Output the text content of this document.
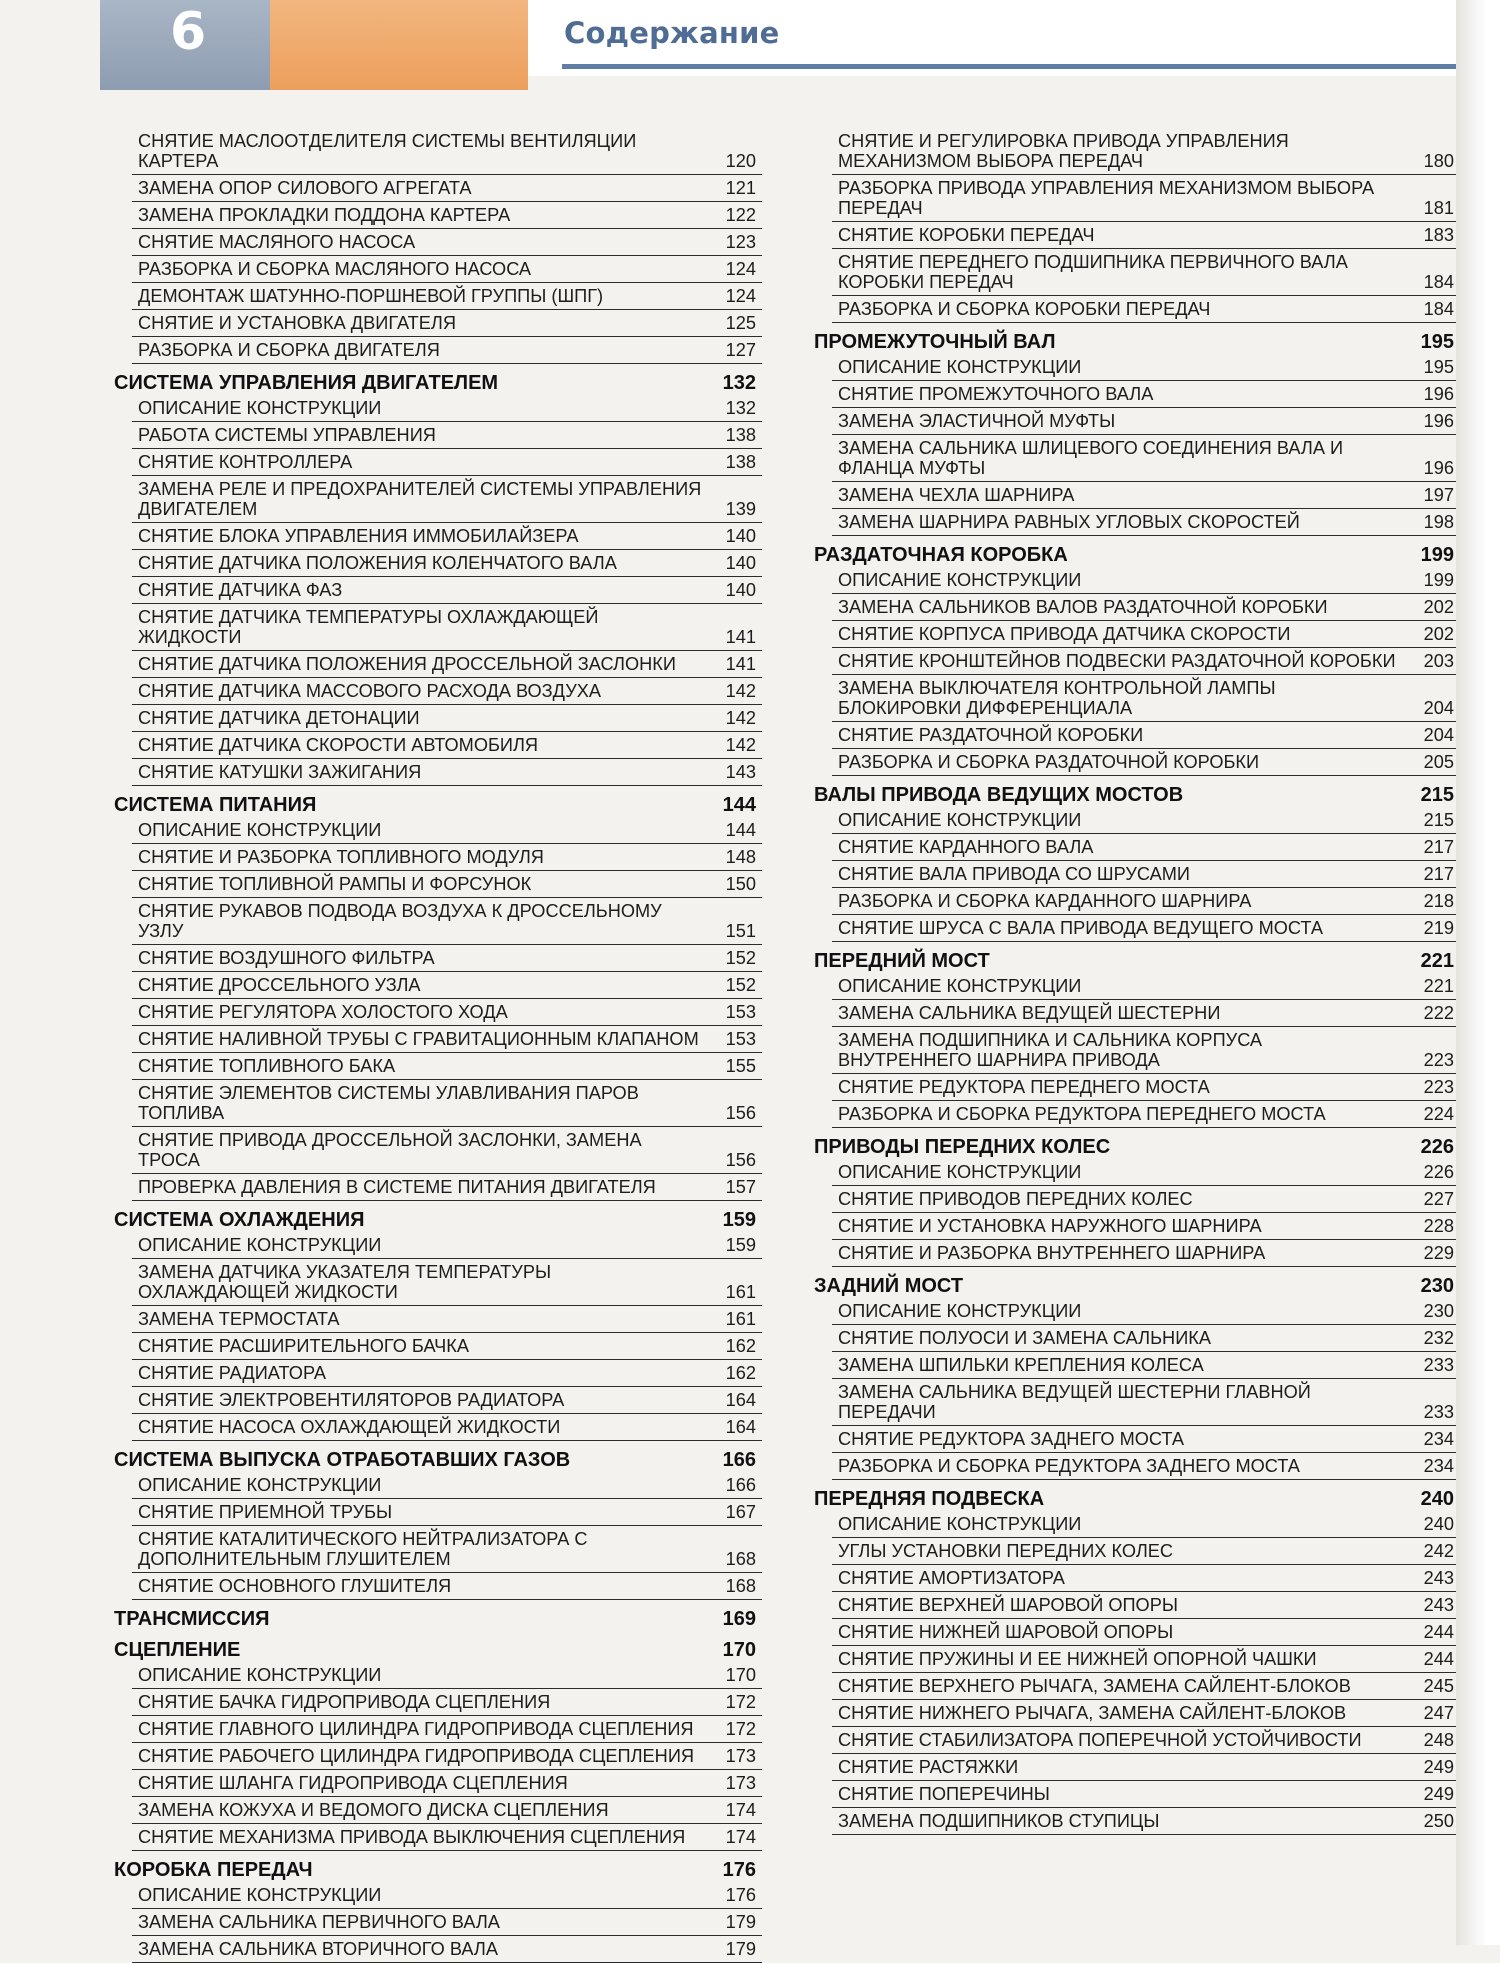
6	Содержание
СНЯТИЕ МАСЛООТДЕЛИТЕЛЯ СИСТЕМЫ ВЕНТИЛЯЦИИ КАРТЕРА	120
ЗАМЕНА ОПОР СИЛОВОГО АГРЕГАТА	121
ЗАМЕНА ПРОКЛАДКИ ПОДДОНА КАРТЕРА	122
СНЯТИЕ МАСЛЯНОГО НАСОСА	123
РАЗБОРКА И СБОРКА МАСЛЯНОГО НАСОСА	124
ДЕМОНТАЖ ШАТУННО-ПОРШНЕВОЙ ГРУППЫ (ШПГ)	124
СНЯТИЕ И УСТАНОВКА ДВИГАТЕЛЯ	125
РАЗБОРКА И СБОРКА ДВИГАТЕЛЯ	127
СИСТЕМА УПРАВЛЕНИЯ ДВИГАТЕЛЕМ	132
ОПИСАНИЕ КОНСТРУКЦИИ	132
РАБОТА СИСТЕМЫ УПРАВЛЕНИЯ	138
СНЯТИЕ КОНТРОЛЛЕРА	138
ЗАМЕНА РЕЛЕ И ПРЕДОХРАНИТЕЛЕЙ СИСТЕМЫ УПРАВЛЕНИЯ ДВИГАТЕЛЕМ	139
СНЯТИЕ БЛОКА УПРАВЛЕНИЯ ИММОБИЛАЙЗЕРА	140
СНЯТИЕ ДАТЧИКА ПОЛОЖЕНИЯ КОЛЕНЧАТОГО ВАЛА	140
СНЯТИЕ ДАТЧИКА ФАЗ	140
СНЯТИЕ ДАТЧИКА ТЕМПЕРАТУРЫ ОХЛАЖДАЮЩЕЙ ЖИДКОСТИ	141
СНЯТИЕ ДАТЧИКА ПОЛОЖЕНИЯ ДРОССЕЛЬНОЙ ЗАСЛОНКИ	141
СНЯТИЕ ДАТЧИКА МАССОВОГО РАСХОДА ВОЗДУХА	142
СНЯТИЕ ДАТЧИКА ДЕТОНАЦИИ	142
СНЯТИЕ ДАТЧИКА СКОРОСТИ АВТОМОБИЛЯ	142
СНЯТИЕ КАТУШКИ ЗАЖИГАНИЯ	143
СИСТЕМА ПИТАНИЯ	144
ОПИСАНИЕ КОНСТРУКЦИИ	144
СНЯТИЕ И РАЗБОРКА ТОПЛИВНОГО МОДУЛЯ	148
СНЯТИЕ ТОПЛИВНОЙ РАМПЫ И ФОРСУНОК	150
СНЯТИЕ РУКАВОВ ПОДВОДА ВОЗДУХА К ДРОССЕЛЬНОМУ УЗЛУ	151
СНЯТИЕ ВОЗДУШНОГО ФИЛЬТРА	152
СНЯТИЕ ДРОССЕЛЬНОГО УЗЛА	152
СНЯТИЕ РЕГУЛЯТОРА ХОЛОСТОГО ХОДА	153
СНЯТИЕ НАЛИВНОЙ ТРУБЫ С ГРАВИТАЦИОННЫМ КЛАПАНОМ	153
СНЯТИЕ ТОПЛИВНОГО БАКА	155
СНЯТИЕ ЭЛЕМЕНТОВ СИСТЕМЫ УЛАВЛИВАНИЯ ПАРОВ ТОПЛИВА	156
СНЯТИЕ ПРИВОДА ДРОССЕЛЬНОЙ ЗАСЛОНКИ, ЗАМЕНА ТРОСА	156
ПРОВЕРКА ДАВЛЕНИЯ В СИСТЕМЕ ПИТАНИЯ ДВИГАТЕЛЯ	157
СИСТЕМА ОХЛАЖДЕНИЯ	159
ОПИСАНИЕ КОНСТРУКЦИИ	159
ЗАМЕНА ДАТЧИКА УКАЗАТЕЛЯ ТЕМПЕРАТУРЫ ОХЛАЖДАЮЩЕЙ ЖИДКОСТИ	161
ЗАМЕНА ТЕРМОСТАТА	161
СНЯТИЕ РАСШИРИТЕЛЬНОГО БАЧКА	162
СНЯТИЕ РАДИАТОРА	162
СНЯТИЕ ЭЛЕКТРОВЕНТИЛЯТОРОВ РАДИАТОРА	164
СНЯТИЕ НАСОСА ОХЛАЖДАЮЩЕЙ ЖИДКОСТИ	164
СИСТЕМА ВЫПУСКА ОТРАБОТАВШИХ ГАЗОВ	166
ОПИСАНИЕ КОНСТРУКЦИИ	166
СНЯТИЕ ПРИЕМНОЙ ТРУБЫ	167
СНЯТИЕ КАТАЛИТИЧЕСКОГО НЕЙТРАЛИЗАТОРА С ДОПОЛНИТЕЛЬНЫМ ГЛУШИТЕЛЕМ	168
СНЯТИЕ ОСНОВНОГО ГЛУШИТЕЛЯ	168
ТРАНСМИССИЯ	169
СЦЕПЛЕНИЕ	170
ОПИСАНИЕ КОНСТРУКЦИИ	170
СНЯТИЕ БАЧКА ГИДРОПРИВОДА СЦЕПЛЕНИЯ	172
СНЯТИЕ ГЛАВНОГО ЦИЛИНДРА ГИДРОПРИВОДА СЦЕПЛЕНИЯ	172
СНЯТИЕ РАБОЧЕГО ЦИЛИНДРА ГИДРОПРИВОДА СЦЕПЛЕНИЯ	173
СНЯТИЕ ШЛАНГА ГИДРОПРИВОДА СЦЕПЛЕНИЯ	173
ЗАМЕНА КОЖУХА И ВЕДОМОГО ДИСКА СЦЕПЛЕНИЯ	174
СНЯТИЕ МЕХАНИЗМА ПРИВОДА ВЫКЛЮЧЕНИЯ СЦЕПЛЕНИЯ	174
КОРОБКА ПЕРЕДАЧ	176
ОПИСАНИЕ КОНСТРУКЦИИ	176
ЗАМЕНА САЛЬНИКА ПЕРВИЧНОГО ВАЛА	179
ЗАМЕНА САЛЬНИКА ВТОРИЧНОГО ВАЛА	179
СНЯТИЕ И РЕГУЛИРОВКА ПРИВОДА УПРАВЛЕНИЯ МЕХАНИЗМОМ ВЫБОРА ПЕРЕДАЧ	180
РАЗБОРКА ПРИВОДА УПРАВЛЕНИЯ МЕХАНИЗМОМ ВЫБОРА ПЕРЕДАЧ	181
СНЯТИЕ КОРОБКИ ПЕРЕДАЧ	183
СНЯТИЕ ПЕРЕДНЕГО ПОДШИПНИКА ПЕРВИЧНОГО ВАЛА КОРОБКИ ПЕРЕДАЧ	184
РАЗБОРКА И СБОРКА КОРОБКИ ПЕРЕДАЧ	184
ПРОМЕЖУТОЧНЫЙ ВАЛ	195
ОПИСАНИЕ КОНСТРУКЦИИ	195
СНЯТИЕ ПРОМЕЖУТОЧНОГО ВАЛА	196
ЗАМЕНА ЭЛАСТИЧНОЙ МУФТЫ	196
ЗАМЕНА САЛЬНИКА ШЛИЦЕВОГО СОЕДИНЕНИЯ ВАЛА И ФЛАНЦА МУФТЫ	196
ЗАМЕНА ЧЕХЛА ШАРНИРА	197
ЗАМЕНА ШАРНИРА РАВНЫХ УГЛОВЫХ СКОРОСТЕЙ	198
РАЗДАТОЧНАЯ КОРОБКА	199
ОПИСАНИЕ КОНСТРУКЦИИ	199
ЗАМЕНА САЛЬНИКОВ ВАЛОВ РАЗДАТОЧНОЙ КОРОБКИ	202
СНЯТИЕ КОРПУСА ПРИВОДА ДАТЧИКА СКОРОСТИ	202
СНЯТИЕ КРОНШТЕЙНОВ ПОДВЕСКИ РАЗДАТОЧНОЙ КОРОБКИ	203
ЗАМЕНА ВЫКЛЮЧАТЕЛЯ КОНТРОЛЬНОЙ ЛАМПЫ БЛОКИРОВКИ ДИФФЕРЕНЦИАЛА	204
СНЯТИЕ РАЗДАТОЧНОЙ КОРОБКИ	204
РАЗБОРКА И СБОРКА РАЗДАТОЧНОЙ КОРОБКИ	205
ВАЛЫ ПРИВОДА ВЕДУЩИХ МОСТОВ	215
ОПИСАНИЕ КОНСТРУКЦИИ	215
СНЯТИЕ КАРДАННОГО ВАЛА	217
СНЯТИЕ ВАЛА ПРИВОДА СО ШРУСАМИ	217
РАЗБОРКА И СБОРКА КАРДАННОГО ШАРНИРА	218
СНЯТИЕ ШРУСА С ВАЛА ПРИВОДА ВЕДУЩЕГО МОСТА	219
ПЕРЕДНИЙ МОСТ	221
ОПИСАНИЕ КОНСТРУКЦИИ	221
ЗАМЕНА САЛЬНИКА ВЕДУЩЕЙ ШЕСТЕРНИ	222
ЗАМЕНА ПОДШИПНИКА И САЛЬНИКА КОРПУСА ВНУТРЕННЕГО ШАРНИРА ПРИВОДА	223
СНЯТИЕ РЕДУКТОРА ПЕРЕДНЕГО МОСТА	223
РАЗБОРКА И СБОРКА РЕДУКТОРА ПЕРЕДНЕГО МОСТА	224
ПРИВОДЫ ПЕРЕДНИХ КОЛЕС	226
ОПИСАНИЕ КОНСТРУКЦИИ	226
СНЯТИЕ ПРИВОДОВ ПЕРЕДНИХ КОЛЕС	227
СНЯТИЕ И УСТАНОВКА НАРУЖНОГО ШАРНИРА	228
СНЯТИЕ И РАЗБОРКА ВНУТРЕННЕГО ШАРНИРА	229
ЗАДНИЙ МОСТ	230
ОПИСАНИЕ КОНСТРУКЦИИ	230
СНЯТИЕ ПОЛУОСИ И ЗАМЕНА САЛЬНИКА	232
ЗАМЕНА ШПИЛЬКИ КРЕПЛЕНИЯ КОЛЕСА	233
ЗАМЕНА САЛЬНИКА ВЕДУЩЕЙ ШЕСТЕРНИ ГЛАВНОЙ ПЕРЕДАЧИ	233
СНЯТИЕ РЕДУКТОРА ЗАДНЕГО МОСТА	234
РАЗБОРКА И СБОРКА РЕДУКТОРА ЗАДНЕГО МОСТА	234
ПЕРЕДНЯЯ ПОДВЕСКА	240
ОПИСАНИЕ КОНСТРУКЦИИ	240
УГЛЫ УСТАНОВКИ ПЕРЕДНИХ КОЛЕС	242
СНЯТИЕ АМОРТИЗАТОРА	243
СНЯТИЕ ВЕРХНЕЙ ШАРОВОЙ ОПОРЫ	243
СНЯТИЕ НИЖНЕЙ ШАРОВОЙ ОПОРЫ	244
СНЯТИЕ ПРУЖИНЫ И ЕЕ НИЖНЕЙ ОПОРНОЙ ЧАШКИ	244
СНЯТИЕ ВЕРХНЕГО РЫЧАГА, ЗАМЕНА САЙЛЕНТ-БЛОКОВ	245
СНЯТИЕ НИЖНЕГО РЫЧАГА, ЗАМЕНА САЙЛЕНТ-БЛОКОВ	247
СНЯТИЕ СТАБИЛИЗАТОРА ПОПЕРЕЧНОЙ УСТОЙЧИВОСТИ	248
СНЯТИЕ РАСТЯЖКИ	249
СНЯТИЕ ПОПЕРЕЧИНЫ	249
ЗАМЕНА ПОДШИПНИКОВ СТУПИЦЫ	250
